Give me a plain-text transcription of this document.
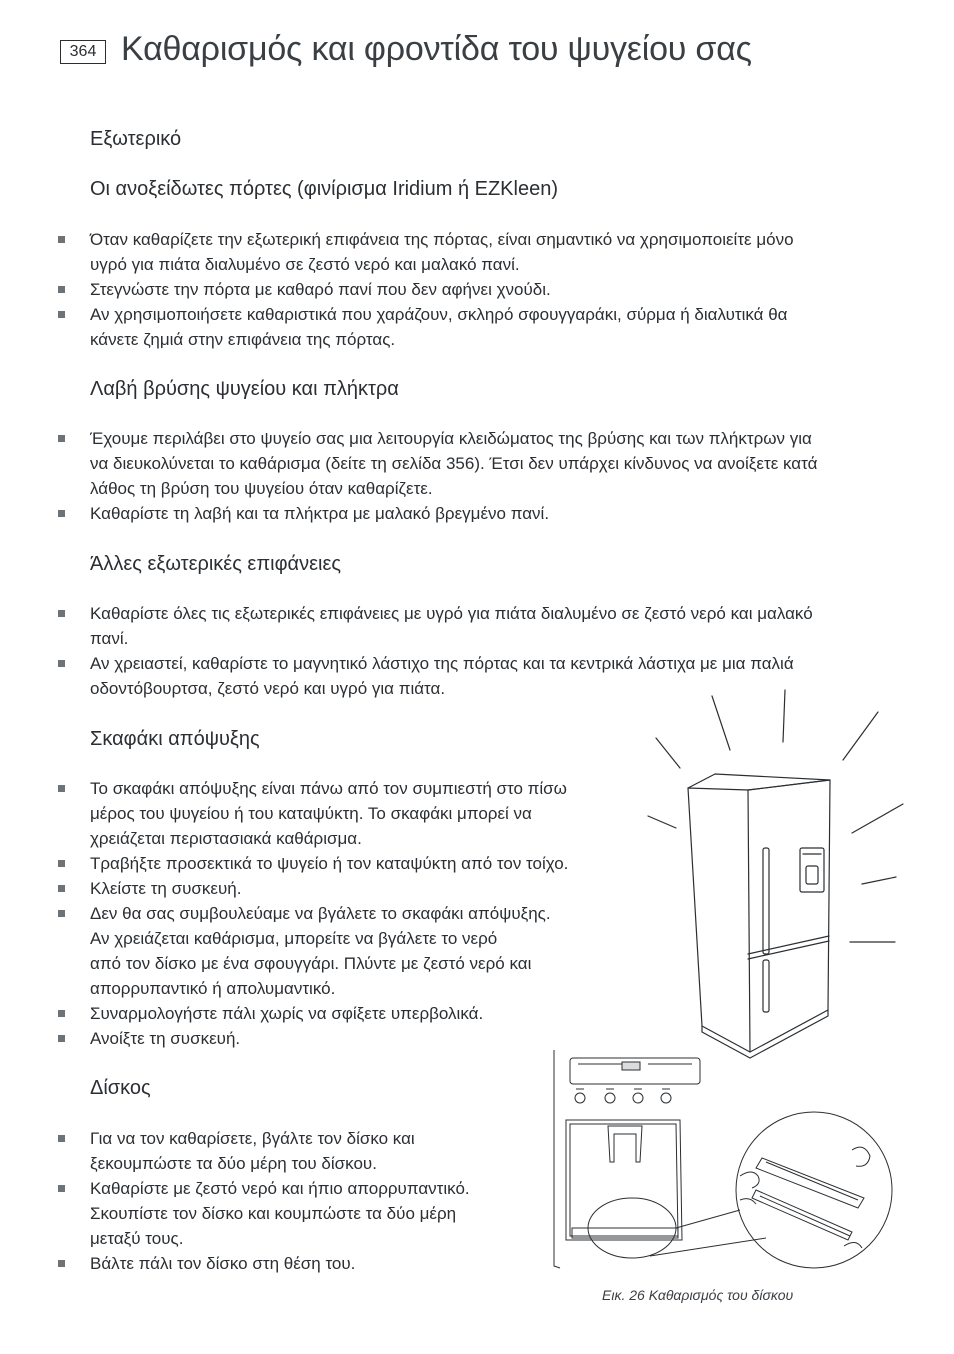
364 Καθαρισμός και φροντίδα του ψυγείου σας
Εξωτερικό
Οι ανοξείδωτες πόρτες (φινίρισμα Iridium ή EZKleen)
Λαβή βρύσης ψυγείου και πλήκτρα
Άλλες εξωτερικές επιφάνειες
Σκαφάκι απόψυξης
Δίσκος
Όταν καθαρίζετε την εξωτερική επιφάνεια της πόρτας, είναι σημαντικό να χρησιμοποιείτε μόνο
υγρό για πιάτα διαλυμένο σε ζεστό νερό και μαλακό πανί.
Στεγνώστε την πόρτα με καθαρό πανί που δεν αφήνει χνούδι.
Αν χρησιμοποιήσετε καθαριστικά που χαράζουν, σκληρό σφουγγαράκι, σύρμα ή διαλυτικά θα
κάνετε ζημιά στην επιφάνεια της πόρτας.
Έχουμε περιλάβει στο ψυγείο σας μια λειτουργία κλειδώματος της βρύσης και των πλήκτρων για
να διευκολύνεται το καθάρισμα (δείτε τη σελίδα 356). Έτσι δεν υπάρχει κίνδυνος να ανοίξετε κατά
λάθος τη βρύση του ψυγείου όταν καθαρίζετε.
Καθαρίστε τη λαβή και τα πλήκτρα με μαλακό βρεγμένο πανί.
Καθαρίστε όλες τις εξωτερικές επιφάνειες με υγρό για πιάτα διαλυμένο σε ζεστό νερό και μαλακό
πανί.
Αν χρειαστεί, καθαρίστε το μαγνητικό λάστιχο της πόρτας και τα κεντρικά λάστιχα με μια παλιά
οδοντόβουρτσα, ζεστό νερό και υγρό για πιάτα.
Το σκαφάκι απόψυξης είναι πάνω από τον συμπιεστή στο πίσω
μέρος του ψυγείου ή του καταψύκτη. Το σκαφάκι μπορεί να
χρειάζεται περιστασιακά καθάρισμα.
Τραβήξτε προσεκτικά το ψυγείο ή τον καταψύκτη από τον τοίχο.
Κλείστε τη συσκευή.
Δεν θα σας συμβουλεύαμε να βγάλετε το σκαφάκι απόψυξης.
Αν χρειάζεται καθάρισμα, μπορείτε να βγάλετε το νερό
από τον δίσκο με ένα σφουγγάρι. Πλύντε με ζεστό νερό και
απορρυπαντικό ή απολυμαντικό.
Συναρμολογήστε πάλι χωρίς να σφίξετε υπερβολικά.
Ανοίξτε τη συσκευή.
Για να τον καθαρίσετε, βγάλτε τον δίσκο και
ξεκουμπώστε τα δύο μέρη του δίσκου.
Καθαρίστε με ζεστό νερό και ήπιο απορρυπαντικό.
Σκουπίστε τον δίσκο και κουμπώστε τα δύο μέρη
μεταξύ τους.
Βάλτε πάλι τον δίσκο στη θέση του.
Εικ. 26 Καθαρισμός του δίσκου
